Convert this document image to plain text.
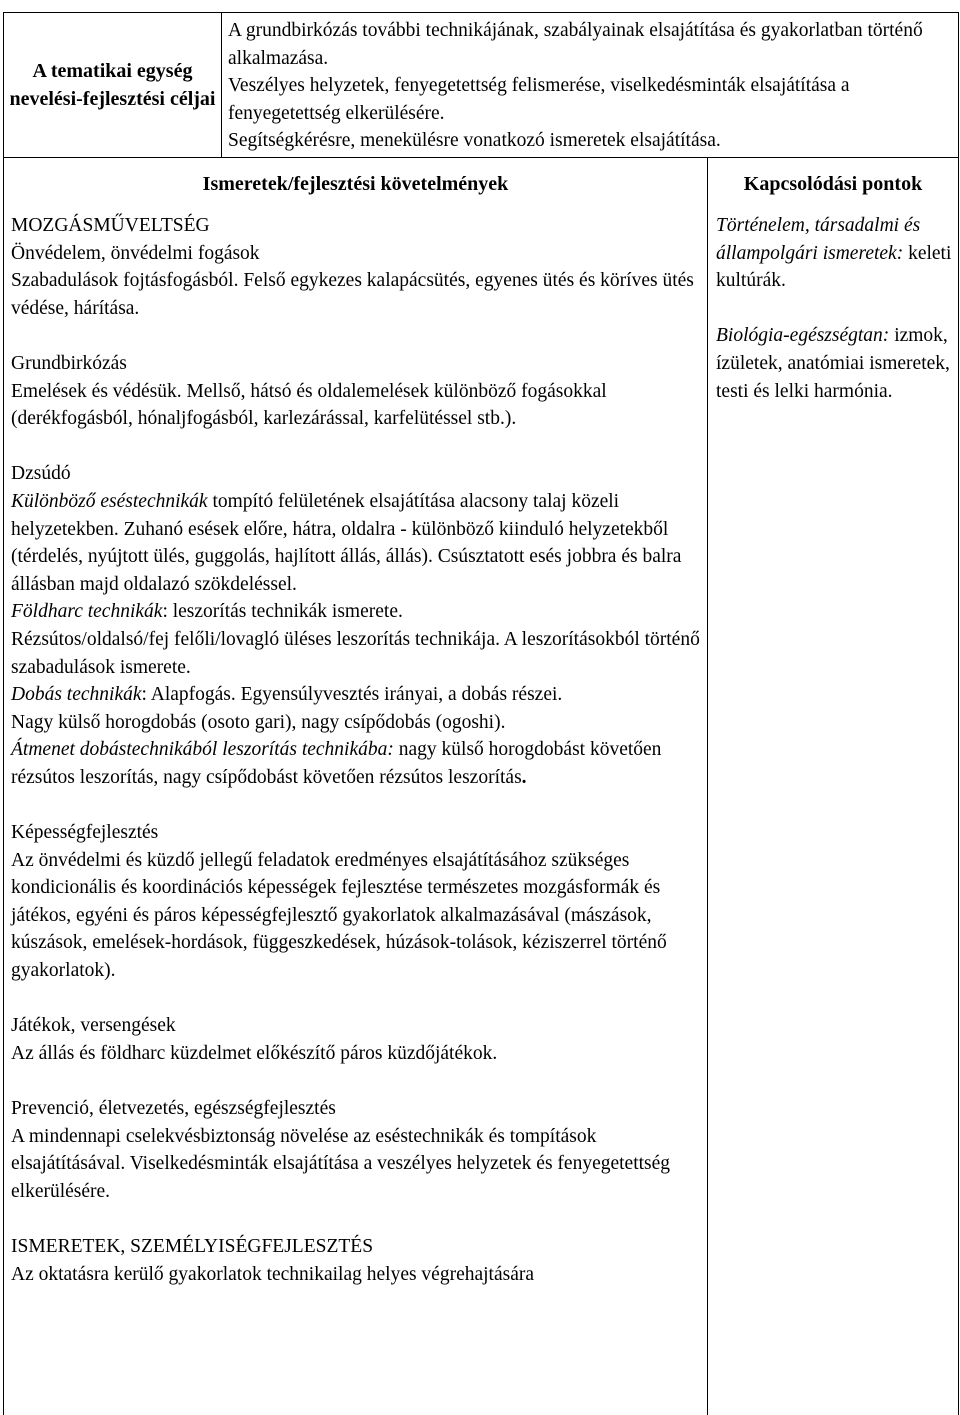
A tematikai egység nevelési-fejlesztési céljai
A grundbirkózás további technikájának, szabályainak elsajátítása és gyakorlatban történő alkalmazása.
Veszélyes helyzetek, fenyegetettség felismerése, viselkedésminták elsajátítása a fenyegetettség elkerülésére.
Segítségkérésre, menekülésre vonatkozó ismeretek elsajátítása.
Ismeretek/fejlesztési követelmények	Kapcsolódási pontok

MOZGÁSMŰVELTSÉG

Önvédelem, önvédelmi fogások

Szabadulások fojtásfogásból. Felső egykezes kalapácsütés, egyenes ütés és köríves ütés védése, hárítása.

Grundbirkózás

Emelések és védésük. Mellső, hátsó és oldalemelések különböző fogásokkal (derékfogásból, hónaljfogásból, karlezárással, karfelütéssel stb.).

Dzsúdó

Különböző eséstechnikák tompító felületének elsajátítása alacsony talaj közeli helyzetekben. Zuhanó esések előre, hátra, oldalra - különböző kiinduló helyzetekből (térdelés, nyújtott ülés, guggolás, hajlított állás, állás). Csúsztatott esés jobbra és balra állásban majd oldalazó szökdeléssel.

Földharc technikák: leszorítás technikák ismerete.

Rézsútos/oldalsó/fej felőli/lovagló üléses leszorítás technikája. A leszorításokból történő szabadulások ismerete.

Dobás technikák: Alapfogás. Egyensúlyvesztés irányai, a dobás részei.

Nagy külső horogdobás (osoto gari), nagy csípődobás (ogoshi).

Átmenet dobástechnikából leszorítás technikába: nagy külső horogdobást követően rézsútos leszorítás, nagy csípődobást követően rézsútos leszorítás.

Képességfejlesztés

Az önvédelmi és küzdő jellegű feladatok eredményes elsajátításához szükséges kondicionális és koordinációs képességek fejlesztése természetes mozgásformák és játékos, egyéni és páros képességfejlesztő gyakorlatok alkalmazásával (mászások, kúszások, emelések-hordások, függeszkedések, húzások-tolások, kéziszerrel történő gyakorlatok).

Játékok, versengések

Az állás és földharc küzdelmet előkészítő páros küzdőjátékok.

Prevenció, életvezetés, egészségfejlesztés

A mindennapi cselekvésbiztonság növelése az eséstechnikák és tompítások elsajátításával. Viselkedésminták elsajátítása a veszélyes helyzetek és fenyegetettség elkerülésére.

ISMERETEK, SZEMÉLYISÉGFEJLESZTÉS

Az oktatásra kerülő gyakorlatok technikailag helyes végrehajtására

Történelem, társadalmi és állampolgári ismeretek: keleti kultúrák.

Biológia-egészségtan: izmok, ízületek, anatómiai ismeretek, testi és lelki harmónia.
